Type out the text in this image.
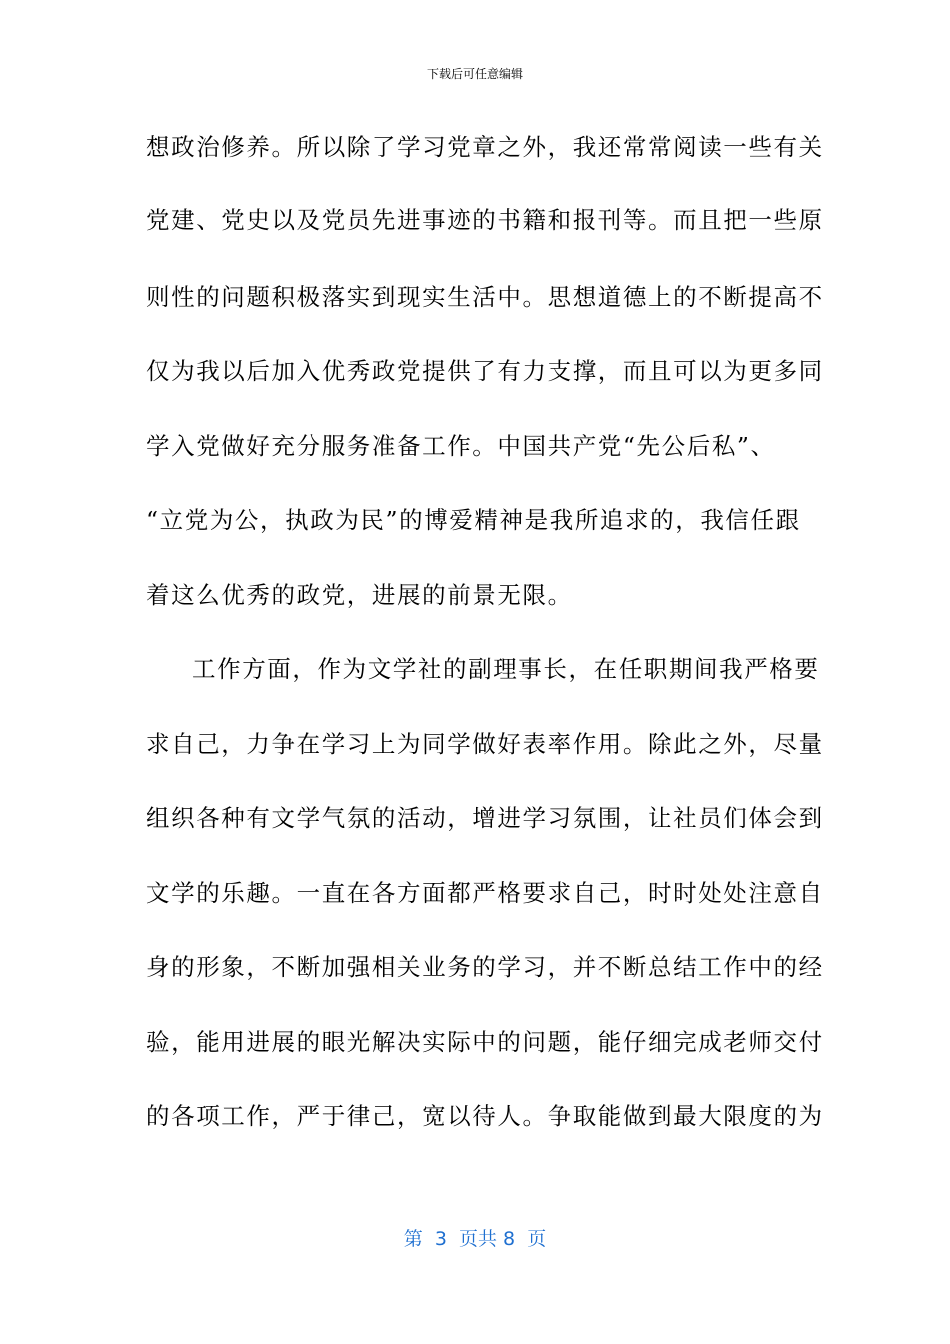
下载后可任意编辑
想政治修养。所以除了学习党章之外，我还常常阅读一些有关
党建、党史以及党员先进事迹的书籍和报刊等。而且把一些原
则性的问题积极落实到现实生活中。思想道德上的不断提高不
仅为我以后加入优秀政党提供了有力支撑，而且可以为更多同
学入党做好充分服务准备工作。中国共产党“先公后私”、
“立党为公，执政为民”的博爱精神是我所追求的，我信任跟
着这么优秀的政党，进展的前景无限。
工作方面，作为文学社的副理事长，在任职期间我严格要
求自己，力争在学习上为同学做好表率作用。除此之外，尽量
组织各种有文学气氛的活动，增进学习氛围，让社员们体会到
文学的乐趣。一直在各方面都严格要求自己，时时处处注意自
身的形象，不断加强相关业务的学习，并不断总结工作中的经
验，能用进展的眼光解决实际中的问题，能仔细完成老师交付
的各项工作，严于律己，宽以待人。争取能做到最大限度的为
第  3  页共 8  页
